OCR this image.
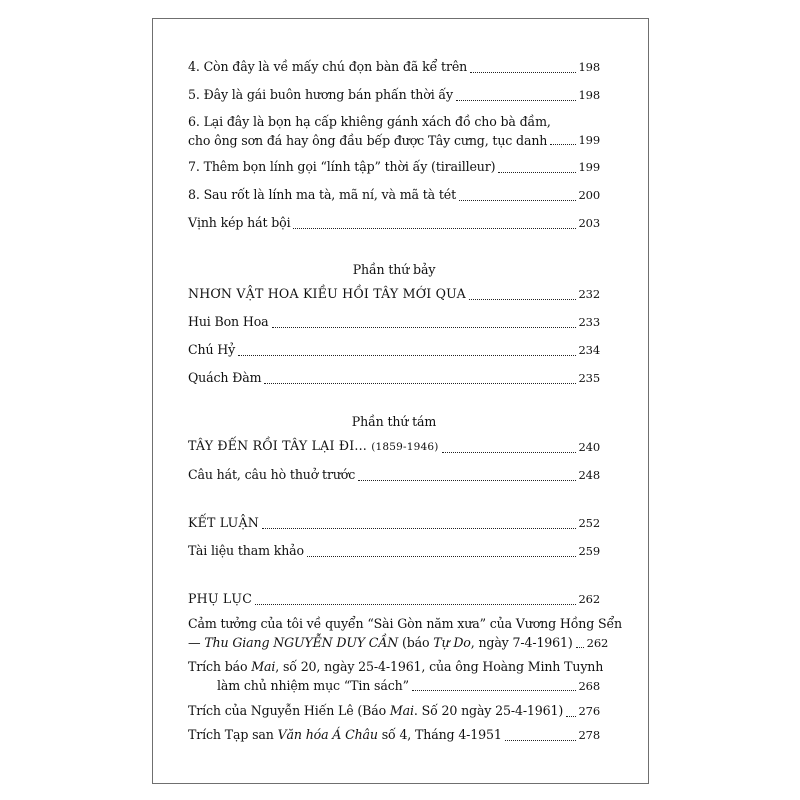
4. Còn đây là về mấy chú đọn bàn đã kể trên	198
5. Đây là gái buôn hương bán phấn thời ấy	198
6. Lại đây là bọn hạ cấp khiêng gánh xách đồ cho bà đầm,
cho ông sơn đá hay ông đầu bếp được Tây cưng, tục danh	199
7. Thêm bọn lính gọi “lính tập” thời ấy (tirailleur)	199
8. Sau rốt là lính ma tà, mã ní, và mã tà tét	200
Vịnh kép hát bội	203
Phần thứ bảy
NHƠN VẬT HOA KIỀU HỒI TÂY MỚI QUA	232
Hui Bon Hoa	233
Chú Hỷ	234
Quách Đàm	235
Phần thứ tám
TÂY ĐẾN RỒI TÂY LẠI ĐI... (1859-1946)	240
Câu hát, câu hò thuở trước	248
KẾT LUẬN	252
Tài liệu tham khảo	259
PHỤ LỤC	262
Cảm tưởng của tôi về quyển “Sài Gòn năm xưa” của Vương Hồng Sển
— Thu Giang NGUYỄN DUY CẦN (báo Tự Do, ngày 7-4-1961) 262
Trích báo Mai, số 20, ngày 25-4-1961, của ông Hoàng Minh Tuynh
làm chủ nhiệm mục “Tin sách”	268
Trích của Nguyễn Hiến Lê (Báo Mai. Số 20 ngày 25-4-1961) 276
Trích Tạp san Văn hóa Á Châu số 4, Tháng 4-1951	278
